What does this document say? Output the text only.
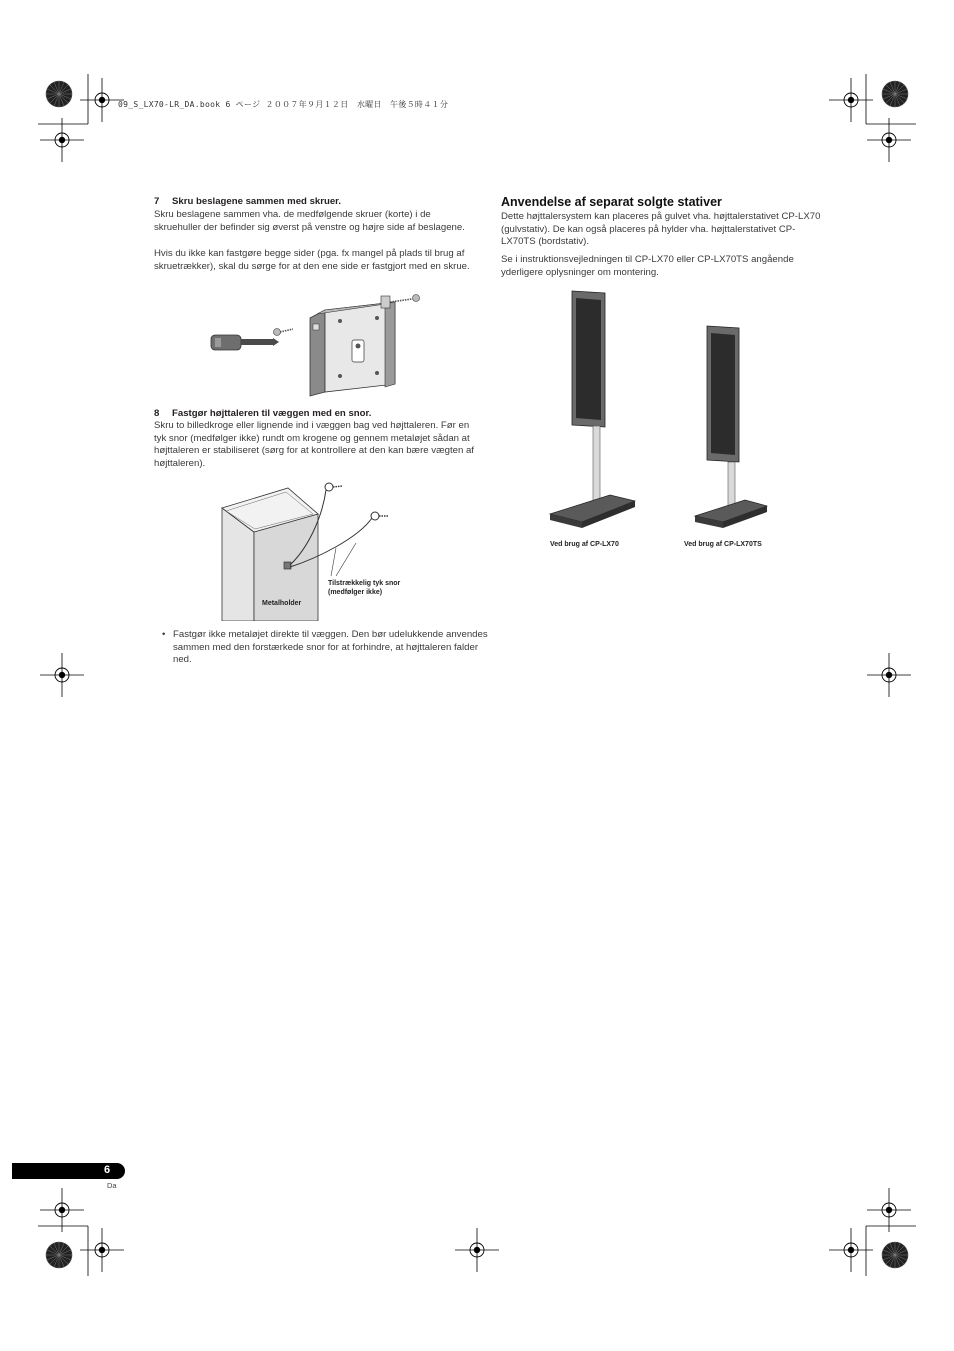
09_S_LX70-LR_DA.book 6 ページ ２００７年９月１２日　水曜日　午後５時４１分
7 Skru beslagene sammen med skruer.
Skru beslagene sammen vha. de medfølgende skruer (korte) i de skruehuller der befinder sig øverst på venstre og højre side af beslagene.
Hvis du ikke kan fastgøre begge sider (pga. fx mangel på plads til brug af skruetrækker), skal du sørge for at den ene side er fastgjort med en skrue.
8 Fastgør højttaleren til væggen med en snor.
Skru to billedkroge eller lignende ind i væggen bag ved højttaleren. Før en tyk snor (medfølger ikke) rundt om krogene og gennem metaløjet sådan at højttaleren er stabiliseret (sørg for at kontrollere at den kan bære vægten af højttaleren).
Tilstrækkelig tyk snor
(medfølger ikke)
Metalholder
• Fastgør ikke metaløjet direkte til væggen. Den bør udelukkende anvendes sammen med den forstærkede snor for at forhindre, at højttaleren falder ned.
Anvendelse af separat solgte stativer
Dette højttalersystem kan placeres på gulvet vha. højttalerstativet CP-LX70 (gulvstativ). De kan også placeres på hylder vha. højttalerstativet CP-LX70TS (bordstativ).
Se i instruktionsvejledningen til CP-LX70 eller CP-LX70TS angående yderligere oplysninger om montering.
Ved brug af CP-LX70	Ved brug af CP-LX70TS
6
Da
